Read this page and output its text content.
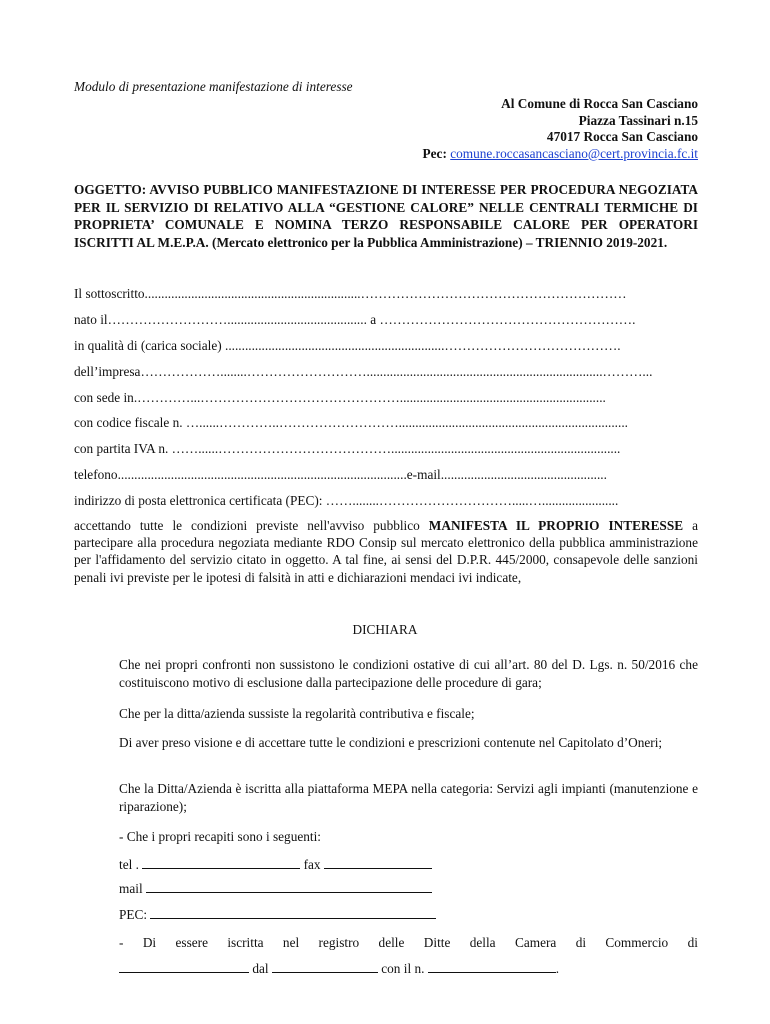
Modulo di presentazione manifestazione di interesse

Al Comune di Rocca San Casciano
Piazza Tassinari n.15
47017 Rocca San Casciano
Pec: comune.roccasancasciano@cert.provincia.fc.it

OGGETTO: AVVISO PUBBLICO MANIFESTAZIONE DI INTERESSE PER PROCEDURA NEGOZIATA PER IL SERVIZIO DI RELATIVO ALLA “GESTIONE CALORE” NELLE CENTRALI TERMICHE DI PROPRIETA’ COMUNALE E NOMINA TERZO RESPONSABILE CALORE PER OPERATORI ISCRITTI AL M.E.P.A. (Mercato elettronico per la Pubblica Amministrazione) – TRIENNIO 2019-2021.

Il sottoscritto.................................................................……………………………………………………
nato il……………………….......................................... a ………………………………………………….
in qualità di (carica sociale) ..................................................................………………………………….
dell’impresa………………........……………………….......................................................................………...
con sede in.…………...………………………………………..............................................................
con codice fiscale n. …......…………..……………………….....................................................................
con partita IVA n. ……......………………………………….....................................................................
telefono.......................................................................................e-mail..................................................
indirizzo di posta elettronica certificata (PEC): ……........………………………….....….......................

accettando tutte le condizioni previste nell'avviso pubblico MANIFESTA IL PROPRIO INTERESSE a partecipare alla procedura negoziata mediante RDO Consip sul mercato elettronico della pubblica amministrazione per l'affidamento del servizio citato in oggetto. A tal fine, ai sensi del D.P.R. 445/2000, consapevole delle sanzioni penali ivi previste per le ipotesi di falsità in atti e dichiarazioni mendaci ivi indicate,

DICHIARA

Che nei propri confronti non sussistono le condizioni ostative di cui all’art. 80 del D. Lgs. n. 50/2016 che costituiscono motivo di esclusione dalla partecipazione delle procedure di gara;

Che per la ditta/azienda sussiste la regolarità contributiva e fiscale;

Di aver preso visione e di accettare tutte le condizioni e prescrizioni contenute nel Capitolato d’Oneri;

Che la Ditta/Azienda è iscritta alla piattaforma MEPA nella categoria: Servizi agli impianti (manutenzione e riparazione);

- Che i propri recapiti sono i seguenti:

tel .	fax
mail
PEC:
- Di essere iscritta nel registro delle Ditte della Camera di Commercio di
dal	con il n.	.
